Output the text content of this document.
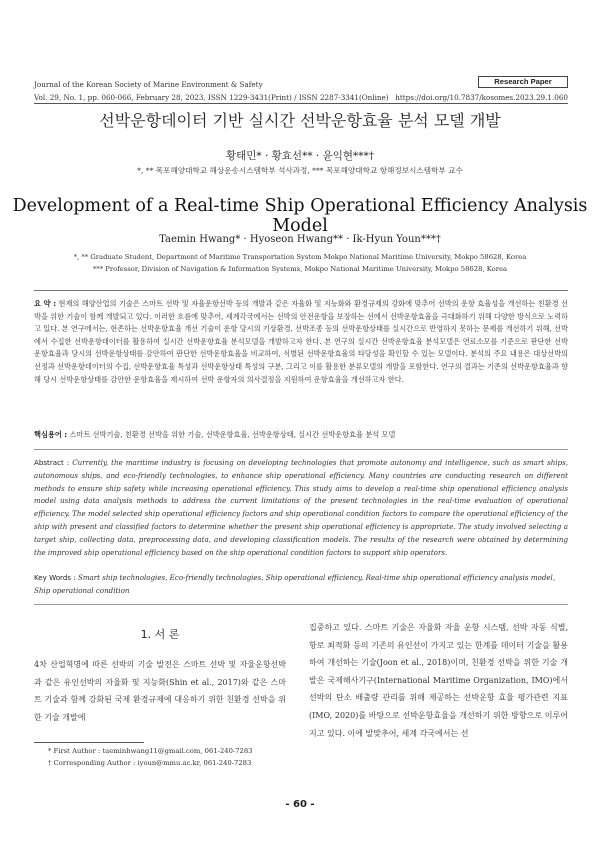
Journal of the Korean Society of Marine Environment & Safety	Research Paper
Vol. 29, No. 1, pp. 060-066, February 28, 2023, ISSN 1229-3431(Print) / ISSN 2287-3341(Online) https://doi.org/10.7837/kosomes.2023.29.1.060
선박운항데이터 기반 실시간 선박운항효율 분석 모델 개발
황태민* · 황효선** · 윤익현***†
*, ** 목포해양대학교 해상운송시스템학부 석사과정, *** 목포해양대학교 항해정보시스템학부 교수
Development of a Real-time Ship Operational Efficiency Analysis Model
Taemin Hwang* · Hyoseon Hwang** · Ik-Hyun Youn***†
*, ** Graduate Student, Department of Maritime Transportation System Mokpo National Maritime University, Mokpo 58628, Korea
*** Professor, Division of Navigation & Information Systems, Mokpo National Maritime University, Mokpo 58628, Korea
요 약 : 현재의 해양산업의 기술은 스마트 선박 및 자율운항선박 등의 개발과 같은 자율화 및 지능화와 환경규제의 강화에 맞추어 선박의 운항 효율성을 개선하는 친환경 선박을 위한 기술이 함께 개발되고 있다. 이러한 흐름에 맞추어, 세계각국에서는 선박의 안전운항을 보장하는 선에서 선박운항효율을 극대화하기 위해 다양한 방식으로 노력하고 있다. 본 연구에서는, 현존하는 선박운항효율 개선 기술이 운항 당시의 기상환경, 선박조종 등의 선박운항상태를 실시간으로 반영하지 못하는 문제를 개선하기 위해, 선박에서 수집한 선박운항데이터를 활용하여 실시간 선박운항효율 분석모델을 개발하고자 한다. 본 연구의 실시간 선박운항효율 분석모델은 연료소모를 기준으로 판단한 선박운항효율과 당시의 선박운항상태를 감안하여 판단한 선박운항효율을 비교하여, 식별된 선박운항효율의 타당성을 확인할 수 있는 모델이다. 분석의 주요 내용은 대상선박의 선정과 선박운항데이터의 수집, 선박운항효율 특성과 선박운항상태 특성의 구분, 그리고 이를 활용한 분류모델의 개발을 포함한다. 연구의 결과는 기존의 선박운항효율과 향해 당시 선박운항상태를 감안한 운항효율을 제시하여 선박 운항자의 의사결정을 지원하여 운항효율을 개선하고자 한다.
핵심용어 : 스마트 선박기술, 친환경 선박을 위한 기술, 선박운항효율, 선박운항상태, 실시간 선박운항효율 분석 모델
Abstract : Currently, the maritime industry is focusing on developing technologies that promote autonomy and intelligence, such as smart ships, autonomous ships, and eco-friendly technologies, to enhance ship operational efficiency. Many countries are conducting research on different methods to ensure ship safety while increasing operational efficiency. This study aims to develop a real-time ship operational efficiency analysis model using data analysis methods to address the current limitations of the present technologies in the real-time evaluation of operational efficiency. The model selected ship operational efficiency factors and ship operational condition factors to compare the operational efficiency of the ship with present and classified factors to determine whether the present ship operational efficiency is appropriate. The study involved selecting a target ship, collecting data, preprocessing data, and developing classification models. The results of the research were obtained by determining the improved ship operational efficiency based on the ship operational condition factors to support ship operators.
Key Words : Smart ship technologies, Eco-friendly technologies, Ship operational efficiency, Real-time ship operational efficiency analysis model, Ship operational condition
1. 서 론
4차 산업혁명에 따른 선박의 기술 발전은 스마트 선박 및 자율운항선박과 같은 유인선박의 자율화 및 지능화(Shin et al., 2017)와 같은 스마트 기술과 함께 강화된 국제 환경규제에 대응하기 위한 친환경 선박을 위한 기술 개발에
집중하고 있다. 스마트 기술은 자율화 자율 운항 시스템, 선박 자동 식별, 항로 최적화 등의 기존의 유인선이 가지고 있는 한계를 데이터 기술을 활용하여 개선하는 기술(Joon et al., 2018)이며, 친환경 선박을 위한 기술 개발은 국제해사기구(International Maritime Organization, IMO)에서 선박의 탄소 배출량 관리를 위해 제공하는 선박운항 효율 평가관련 지표(IMO, 2020)를 바탕으로 선박운항효율을 개선하기 위한 방향으로 이루어지고 있다. 이에 발맞추어, 세계 각국에서는 선
* First Author : taeminhwang11@gmail.com, 061-240-7283
† Corresponding Author : iyoun@mmu.ac.kr, 061-240-7283
- 60 -
